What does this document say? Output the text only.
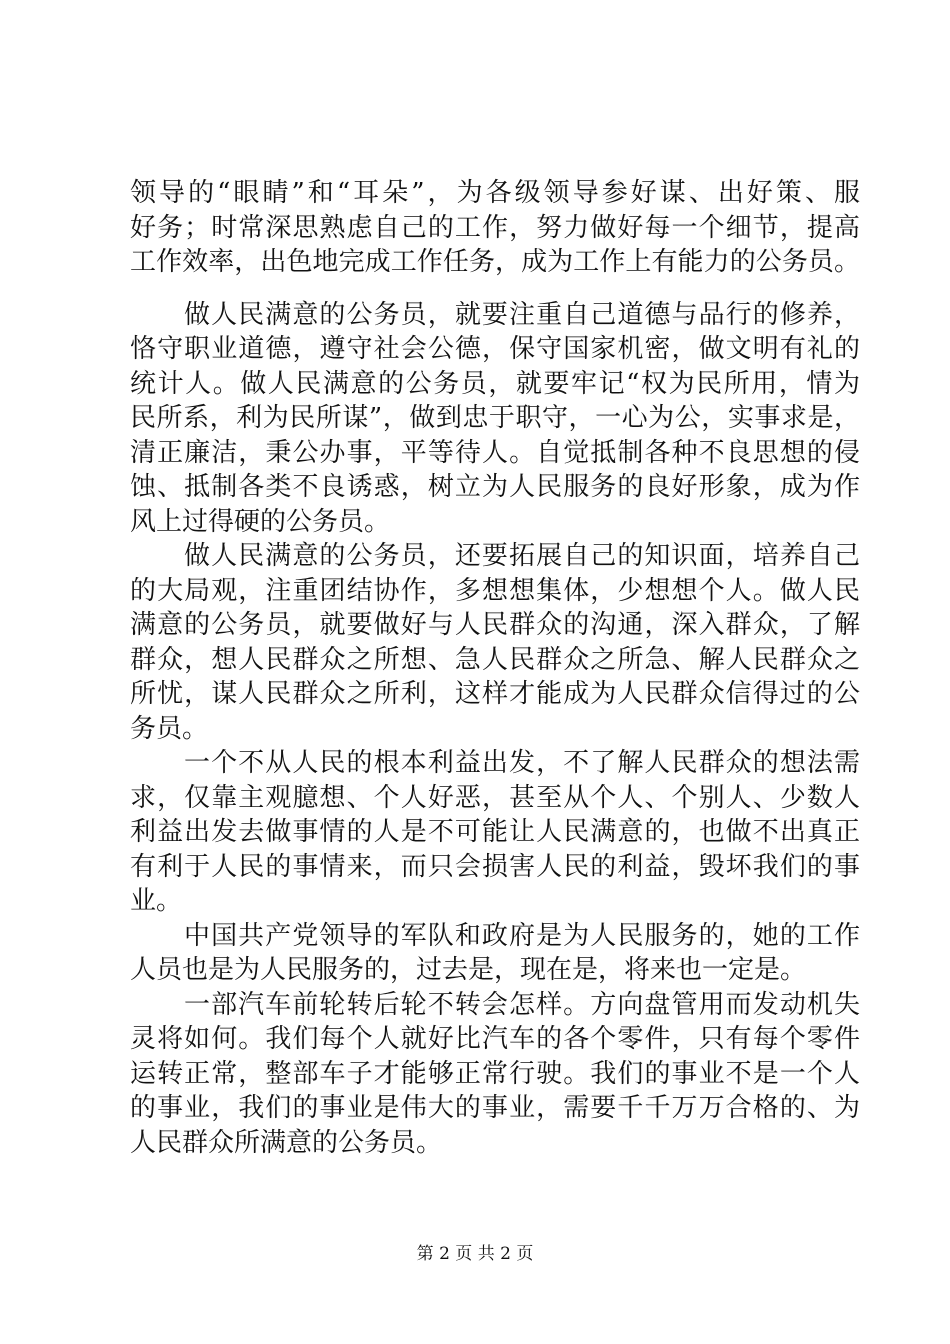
领导的“眼睛”和“耳朵”，为各级领导参好谋、出好策、服
好务；时常深思熟虑自己的工作，努力做好每一个细节，提高
工作效率，出色地完成工作任务，成为工作上有能力的公务员。
做人民满意的公务员，就要注重自己道德与品行的修养，
恪守职业道德，遵守社会公德，保守国家机密，做文明有礼的
统计人。做人民满意的公务员，就要牢记“权为民所用，情为
民所系，利为民所谋”，做到忠于职守，一心为公，实事求是，
清正廉洁，秉公办事，平等待人。自觉抵制各种不良思想的侵
蚀、抵制各类不良诱惑，树立为人民服务的良好形象，成为作
风上过得硬的公务员。
做人民满意的公务员，还要拓展自己的知识面，培养自己
的大局观，注重团结协作，多想想集体，少想想个人。做人民
满意的公务员，就要做好与人民群众的沟通，深入群众，了解
群众，想人民群众之所想、急人民群众之所急、解人民群众之
所忧，谋人民群众之所利，这样才能成为人民群众信得过的公
务员。
一个不从人民的根本利益出发，不了解人民群众的想法需
求，仅靠主观臆想、个人好恶，甚至从个人、个别人、少数人
利益出发去做事情的人是不可能让人民满意的，也做不出真正
有利于人民的事情来，而只会损害人民的利益，毁坏我们的事
业。
中国共产党领导的军队和政府是为人民服务的，她的工作
人员也是为人民服务的，过去是，现在是，将来也一定是。
一部汽车前轮转后轮不转会怎样。方向盘管用而发动机失
灵将如何。我们每个人就好比汽车的各个零件，只有每个零件
运转正常，整部车子才能够正常行驶。我们的事业不是一个人
的事业，我们的事业是伟大的事业，需要千千万万合格的、为
人民群众所满意的公务员。
第 2 页 共 2 页
